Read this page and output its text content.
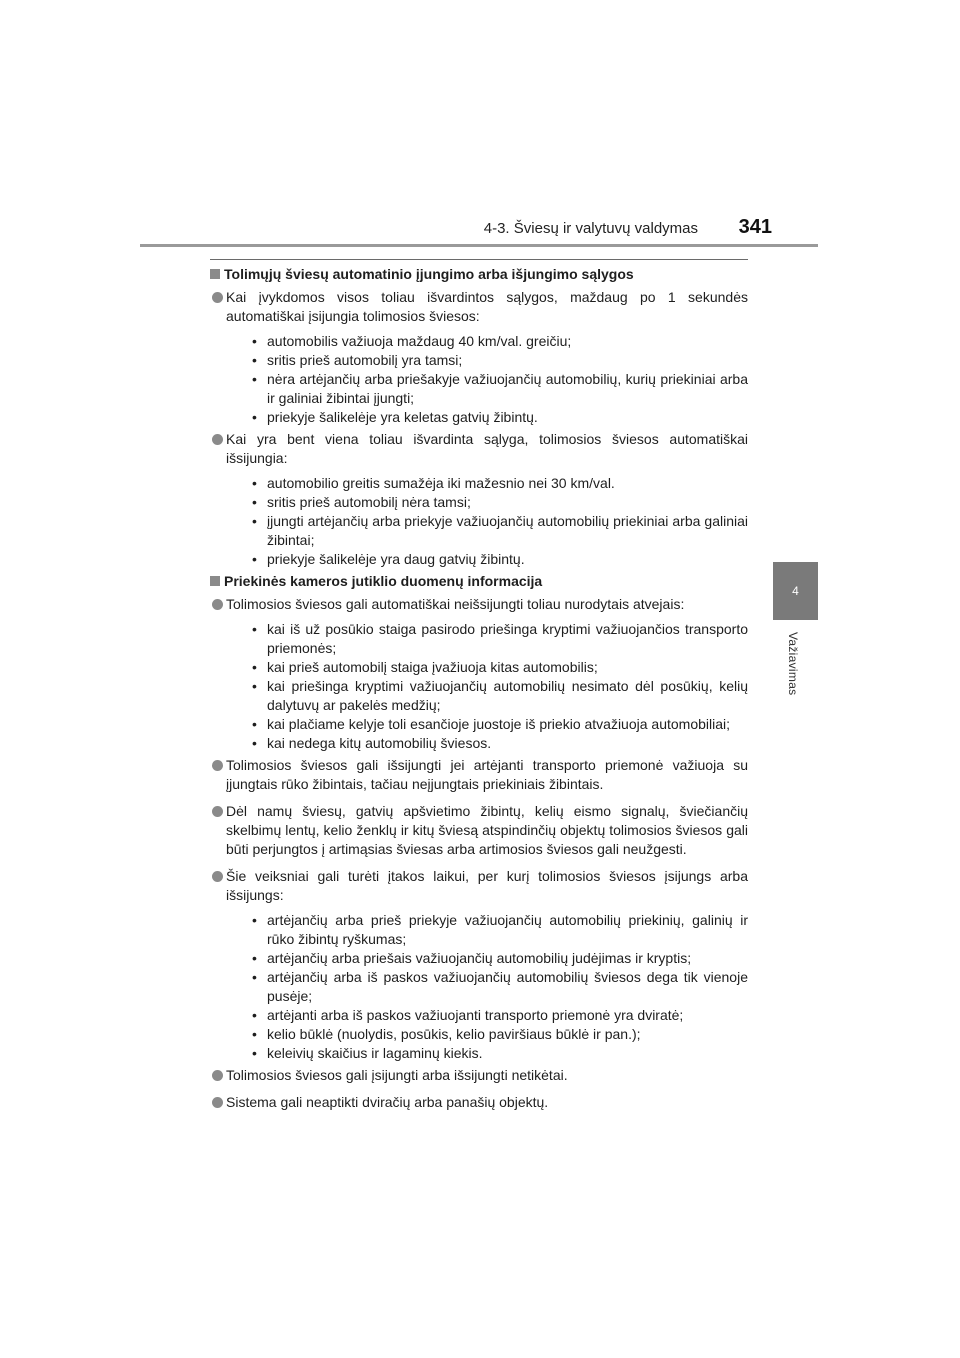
4-3. Šviesų ir valytuvų valdymas 341
4
Važiavimas
Tolimųjų šviesų automatinio įjungimo arba išjungimo sąlygos

Kai įvykdomos visos toliau išvardintos sąlygos, maždaug po 1 sekundės automatiškai įsijungia tolimosios šviesos:

• automobilis važiuoja maždaug 40 km/val. greičiu;
• sritis prieš automobilį yra tamsi;
• nėra artėjančių arba priešakyje važiuojančių automobilių, kurių priekiniai arba ir galiniai žibintai įjungti;
• priekyje šalikelėje yra keletas gatvių žibintų.

Kai yra bent viena toliau išvardinta sąlyga, tolimosios šviesos automatiškai išsijungia:

• automobilio greitis sumažėja iki mažesnio nei 30 km/val.
• sritis prieš automobilį nėra tamsi;
• įjungti artėjančių arba priekyje važiuojančių automobilių priekiniai arba galiniai žibintai;
• priekyje šalikelėje yra daug gatvių žibintų.
Priekinės kameros jutiklio duomenų informacija

Tolimosios šviesos gali automatiškai neišsijungti toliau nurodytais atvejais:

• kai iš už posūkio staiga pasirodo priešinga kryptimi važiuojančios transporto priemonės;
• kai prieš automobilį staiga įvažiuoja kitas automobilis;
• kai priešinga kryptimi važiuojančių automobilių nesimato dėl posūkių, kelių dalytuvų ar pakelės medžių;
• kai plačiame kelyje toli esančioje juostoje iš priekio atvažiuoja automobiliai;
• kai nedega kitų automobilių šviesos.

Tolimosios šviesos gali išsijungti jei artėjanti transporto priemonė važiuoja su įjungtais rūko žibintais, tačiau neįjungtais priekiniais žibintais.

Dėl namų šviesų, gatvių apšvietimo žibintų, kelių eismo signalų, šviečiančių skelbimų lentų, kelio ženklų ir kitų šviesą atspindinčių objektų tolimosios šviesos gali būti perjungtos į artimąsias šviesas arba artimosios šviesos gali neužgesti.

Šie veiksniai gali turėti įtakos laikui, per kurį tolimosios šviesos įsijungs arba išsijungs:

• artėjančių arba prieš priekyje važiuojančių automobilių priekinių, galinių ir rūko žibintų ryškumas;
• artėjančių arba priešais važiuojančių automobilių judėjimas ir kryptis;
• artėjančių arba iš paskos važiuojančių automobilių šviesos dega tik vienoje pusėje;
• artėjanti arba iš paskos važiuojanti transporto priemonė yra dviratė;
• kelio būklė (nuolydis, posūkis, kelio paviršiaus būklė ir pan.);
• keleivių skaičius ir lagaminų kiekis.

Tolimosios šviesos gali įsijungti arba išsijungti netikėtai.

Sistema gali neaptikti dviračių arba panašių objektų.
